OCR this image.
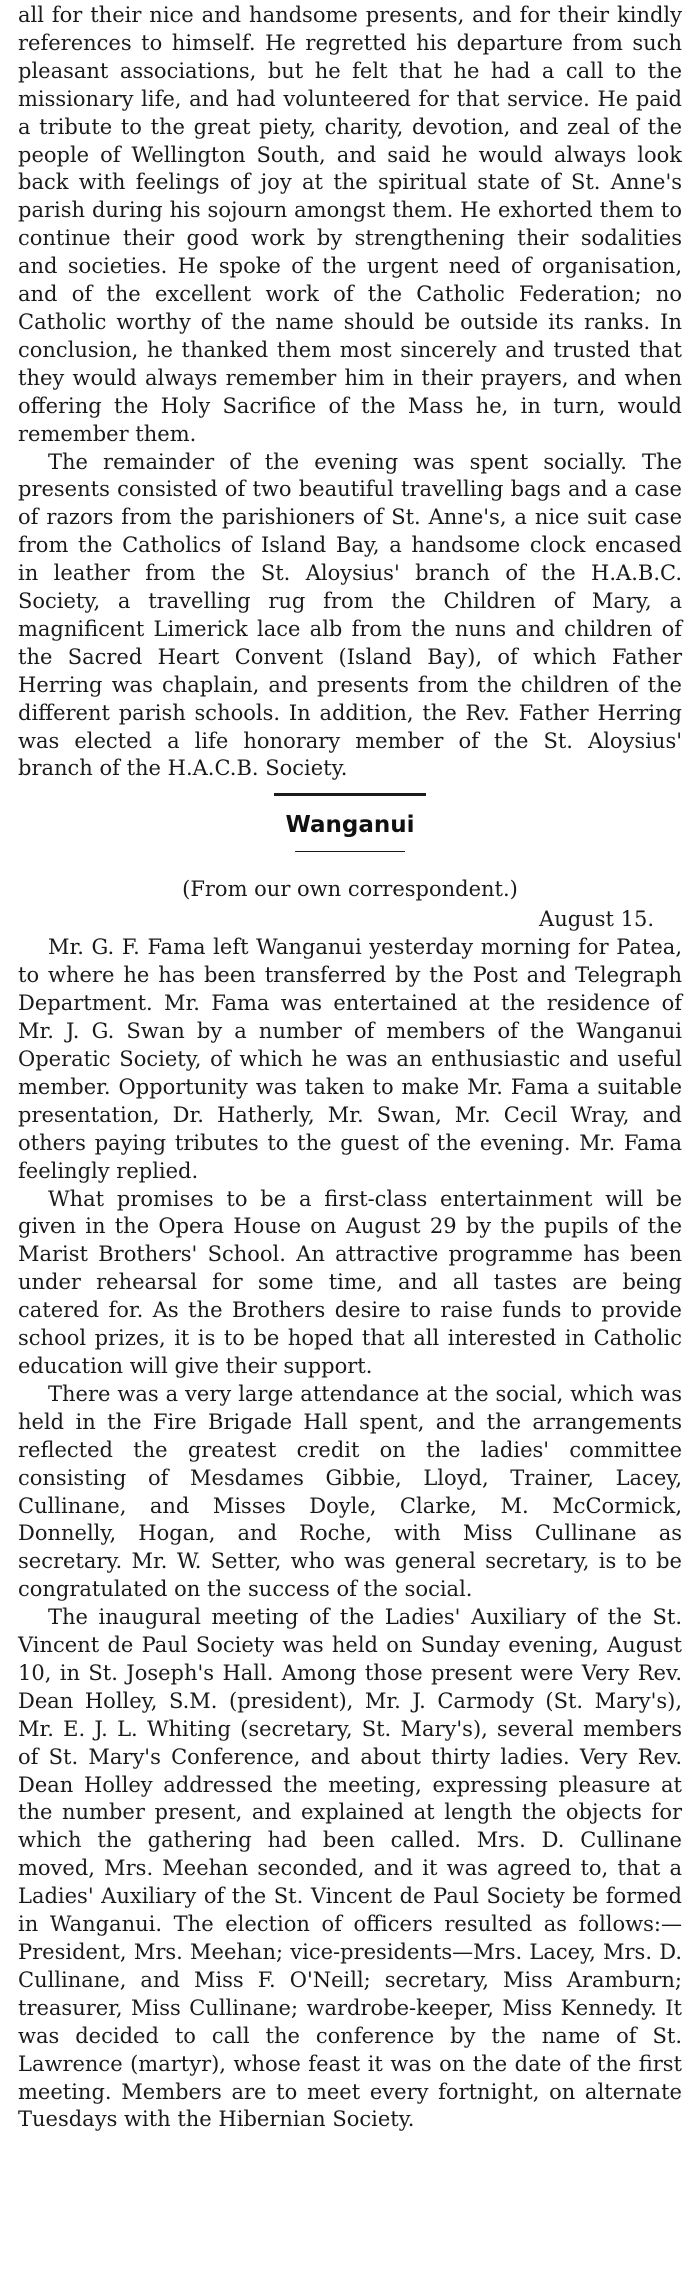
all for their nice and handsome presents, and for their kindly references to himself. He regretted his departure from such pleasant associations, but he felt that he had a call to the missionary life, and had volunteered for that service. He paid a tribute to the great piety, charity, devotion, and zeal of the people of Wellington South, and said he would always look back with feelings of joy at the spiritual state of St. Anne's parish during his sojourn amongst them. He exhorted them to continue their good work by strengthening their sodalities and societies. He spoke of the urgent need of organisation, and of the excellent work of the Catholic Federation; no Catholic worthy of the name should be outside its ranks. In conclusion, he thanked them most sincerely and trusted that they would always remember him in their prayers, and when offering the Holy Sacrifice of the Mass he, in turn, would remember them.

The remainder of the evening was spent socially. The presents consisted of two beautiful travelling bags and a case of razors from the parishioners of St. Anne's, a nice suit case from the Catholics of Island Bay, a handsome clock encased in leather from the St. Aloysius' branch of the H.A.B.C. Society, a travelling rug from the Children of Mary, a magnificent Limerick lace alb from the nuns and children of the Sacred Heart Convent (Island Bay), of which Father Herring was chaplain, and presents from the children of the different parish schools. In addition, the Rev. Father Herring was elected a life honorary member of the St. Aloysius' branch of the H.A.C.B. Society.

Wanganui

(From our own correspondent.)

August 15.

Mr. G. F. Fama left Wanganui yesterday morning for Patea, to where he has been transferred by the Post and Telegraph Department. Mr. Fama was entertained at the residence of Mr. J. G. Swan by a number of members of the Wanganui Operatic Society, of which he was an enthusiastic and useful member. Opportunity was taken to make Mr. Fama a suitable presentation, Dr. Hatherly, Mr. Swan, Mr. Cecil Wray, and others paying tributes to the guest of the evening. Mr. Fama feelingly replied.

What promises to be a first-class entertainment will be given in the Opera House on August 29 by the pupils of the Marist Brothers' School. An attractive programme has been under rehearsal for some time, and all tastes are being catered for. As the Brothers desire to raise funds to provide school prizes, it is to be hoped that all interested in Catholic education will give their support.

There was a very large attendance at the social, which was held in the Fire Brigade Hall spent, and the arrangements reflected the greatest credit on the ladies' committee consisting of Mesdames Gibbie, Lloyd, Trainer, Lacey, Cullinane, and Misses Doyle, Clarke, M. McCormick, Donnelly, Hogan, and Roche, with Miss Cullinane as secretary. Mr. W. Setter, who was general secretary, is to be congratulated on the success of the social.

The inaugural meeting of the Ladies' Auxiliary of the St. Vincent de Paul Society was held on Sunday evening, August 10, in St. Joseph's Hall. Among those present were Very Rev. Dean Holley, S.M. (president), Mr. J. Carmody (St. Mary's), Mr. E. J. L. Whiting (secretary, St. Mary's), several members of St. Mary's Conference, and about thirty ladies. Very Rev. Dean Holley addressed the meeting, expressing pleasure at the number present, and explained at length the objects for which the gathering had been called. Mrs. D. Cullinane moved, Mrs. Meehan seconded, and it was agreed to, that a Ladies' Auxiliary of the St. Vincent de Paul Society be formed in Wanganui. The election of officers resulted as follows:—President, Mrs. Meehan; vice-presidents—Mrs. Lacey, Mrs. D. Cullinane, and Miss F. O'Neill; secretary, Miss Aramburn; treasurer, Miss Cullinane; wardrobe-keeper, Miss Kennedy. It was decided to call the conference by the name of St. Lawrence (martyr), whose feast it was on the date of the first meeting. Members are to meet every fortnight, on alternate Tuesdays with the Hibernian Society.
